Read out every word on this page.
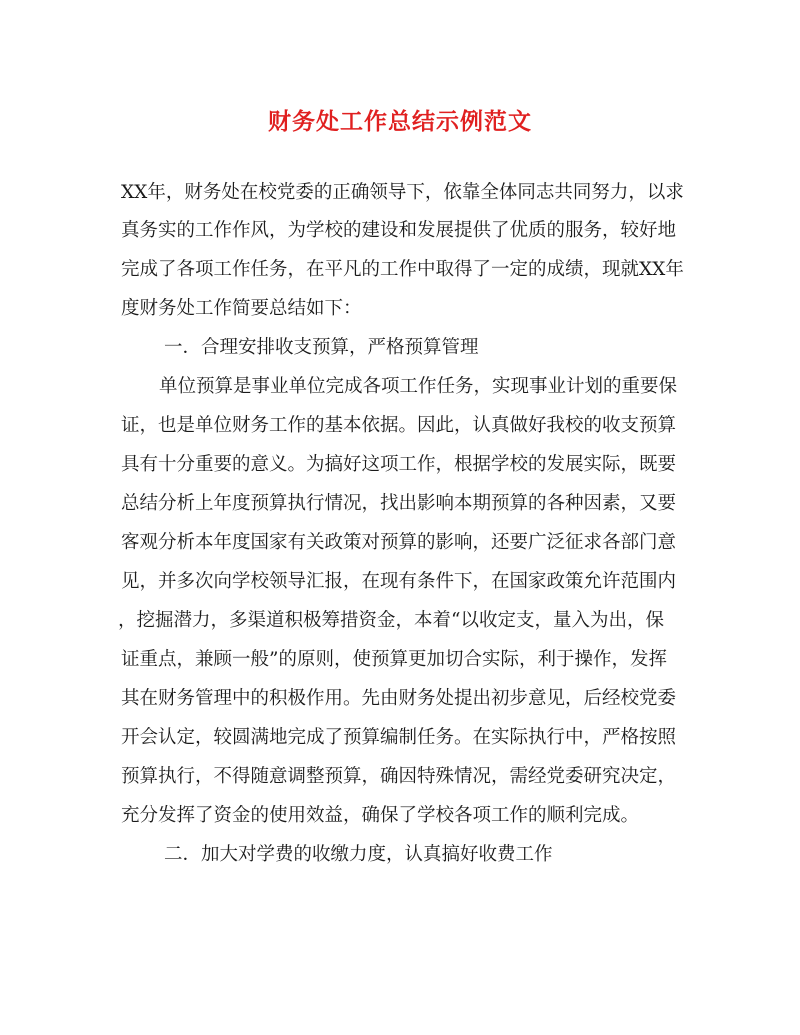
财务处工作总结示例范文
XX年，财务处在校党委的正确领导下，依靠全体同志共同努力，以求
真务实的工作作风，为学校的建设和发展提供了优质的服务，较好地
完成了各项工作任务，在平凡的工作中取得了一定的成绩，现就XX年
度财务处工作简要总结如下：
一．合理安排收支预算，严格预算管理
单位预算是事业单位完成各项工作任务，实现事业计划的重要保
证，也是单位财务工作的基本依据。因此，认真做好我校的收支预算
具有十分重要的意义。为搞好这项工作，根据学校的发展实际，既要
总结分析上年度预算执行情况，找出影响本期预算的各种因素，又要
客观分析本年度国家有关政策对预算的影响，还要广泛征求各部门意
见，并多次向学校领导汇报，在现有条件下，在国家政策允许范围内
，挖掘潜力，多渠道积极筹措资金，本着“以收定支，量入为出，保
证重点，兼顾一般”的原则，使预算更加切合实际，利于操作，发挥
其在财务管理中的积极作用。先由财务处提出初步意见，后经校党委
开会认定，较圆满地完成了预算编制任务。在实际执行中，严格按照
预算执行，不得随意调整预算，确因特殊情况，需经党委研究决定，
充分发挥了资金的使用效益，确保了学校各项工作的顺利完成。
二．加大对学费的收缴力度，认真搞好收费工作
